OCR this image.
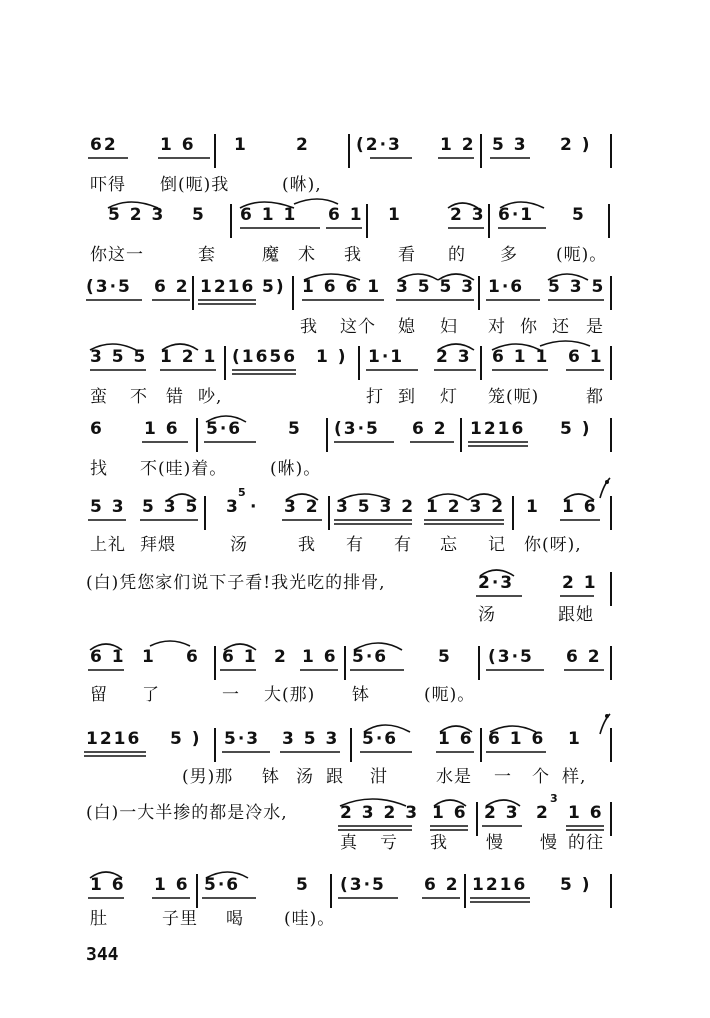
62 1 6 1	2	(2·3 1 2 5 3 2 )
吓得 倒(呃)我	(咻),
5 2 3 5 6 1 1 6 1 1	2 3 6·1 5
你这一	套	魔 术 我 看 的 多 (呃)。
(3·5 6 2 1216 5) 1 6 6 1 3 5 5 3 1·6 5 3 5
我 这个 媳 妇 对 你 还 是
3 5 5 1 2 1 (1656 1 ) 1·1 2 3 6 1 1 6 1
蛮 不 错 吵,	打 到 灯 笼(呃)	都
6 1 6 5·6	5 (3·5 6 2 1216 5 )
找 不(哇)着。	(咻)。
5 3 5 3 5 3
5
· 3 2 3 5 3 2 1 2 3 2 1 1 6
上礼 拜煨	汤	我 有 有 忘 记 你(呀),
(白)凭您家们说下子看!我光吃的排骨,	2·3	2 1
汤	跟她
6 1 1 6 6 1 2 1 6 5·6	5 (3·5 6 2
留 了	一 大(那) 钵	(呃)。
1216 5 ) 5·3 3 5 3 5·6 1 6 6 1 6 1
(男)那 钵 汤 跟 泔	水是 一 个 样,
(白)一大半掺的都是冷水,	2 3 2 3 1 6 2 3 2
3
1 6
真 亏 我 慢 慢 的往
1 6 1 6 5·6	5 (3·5 6 2 1216 5 )
肚	子里 喝 (哇)。
344
